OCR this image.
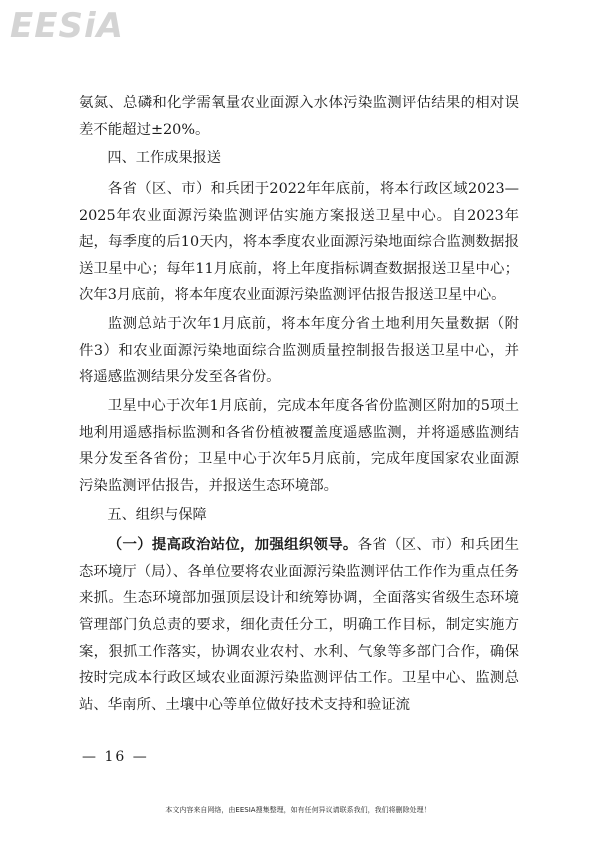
EESiA

氨氮、总磷和化学需氧量农业面源入水体污染监测评估结果的相对误差不能超过±20%。

四、工作成果报送

各省（区、市）和兵团于2022年年底前，将本行政区域2023—2025年农业面源污染监测评估实施方案报送卫星中心。自2023年起，每季度的后10天内，将本季度农业面源污染地面综合监测数据报送卫星中心；每年11月底前，将上年度指标调查数据报送卫星中心；次年3月底前，将本年度农业面源污染监测评估报告报送卫星中心。

监测总站于次年1月底前，将本年度分省土地利用矢量数据（附件3）和农业面源污染地面综合监测质量控制报告报送卫星中心，并将遥感监测结果分发至各省份。

卫星中心于次年1月底前，完成本年度各省份监测区附加的5项土地利用遥感指标监测和各省份植被覆盖度遥感监测，并将遥感监测结果分发至各省份；卫星中心于次年5月底前，完成年度国家农业面源污染监测评估报告，并报送生态环境部。

五、组织与保障

（一）提高政治站位，加强组织领导。各省（区、市）和兵团生态环境厅（局）、各单位要将农业面源污染监测评估工作作为重点任务来抓。生态环境部加强顶层设计和统筹协调，全面落实省级生态环境管理部门负总责的要求，细化责任分工，明确工作目标，制定实施方案，狠抓工作落实，协调农业农村、水利、气象等多部门合作，确保按时完成本行政区域农业面源污染监测评估工作。卫星中心、监测总站、华南所、土壤中心等单位做好技术支持和验证流

— 16 —
本文内容来自网络，由EESIA搜集整理，如有任何异议请联系我们，我们将删除处理！
